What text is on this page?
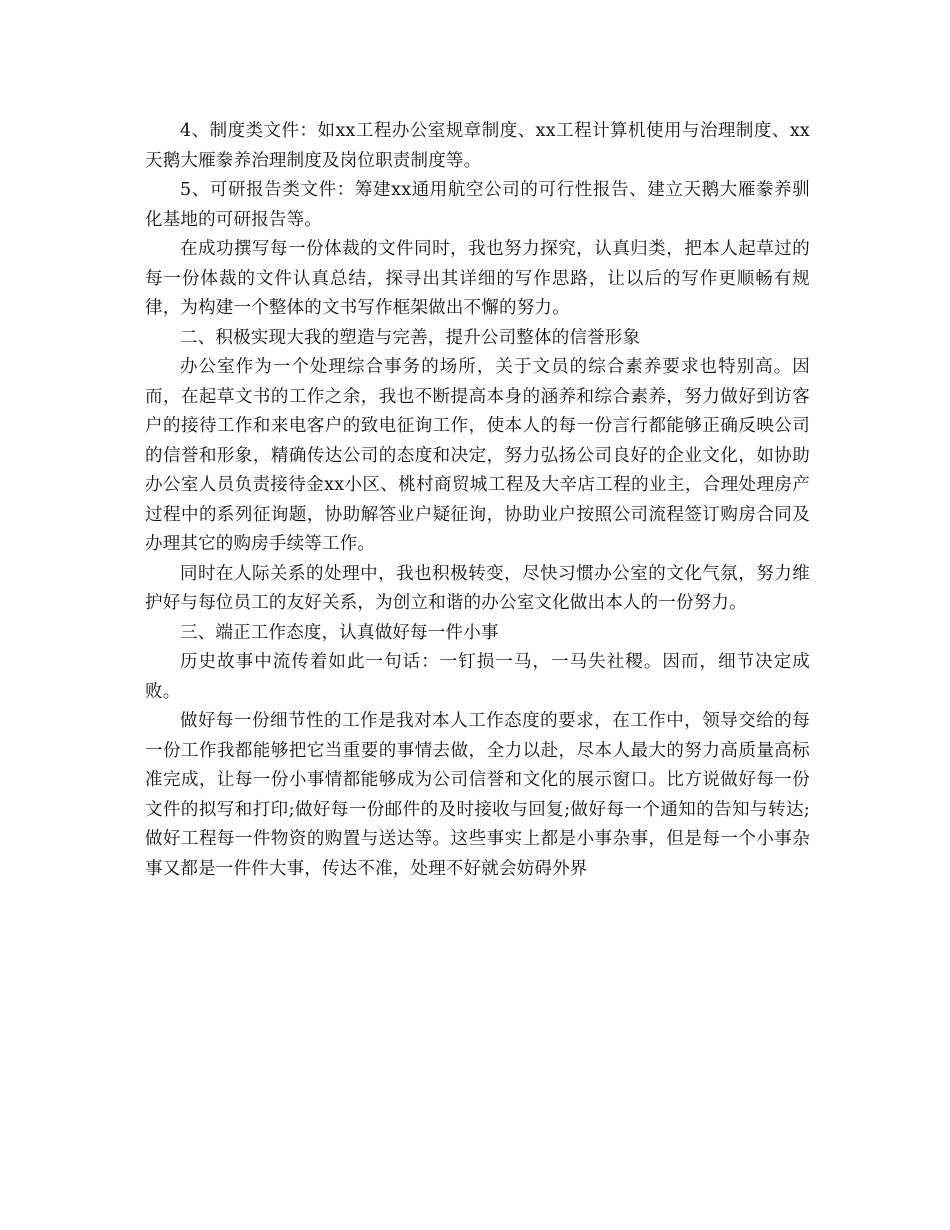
4、制度类文件：如xx工程办公室规章制度、xx工程计算机使用与治理制度、xx天鹅大雁豢养治理制度及岗位职责制度等。

5、可研报告类文件：筹建xx通用航空公司的可行性报告、建立天鹅大雁豢养驯化基地的可研报告等。

在成功撰写每一份体裁的文件同时，我也努力探究，认真归类，把本人起草过的每一份体裁的文件认真总结，探寻出其详细的写作思路，让以后的写作更顺畅有规律，为构建一个整体的文书写作框架做出不懈的努力。

二、积极实现大我的塑造与完善，提升公司整体的信誉形象

办公室作为一个处理综合事务的场所，关于文员的综合素养要求也特别高。因而，在起草文书的工作之余，我也不断提高本身的涵养和综合素养，努力做好到访客户的接待工作和来电客户的致电征询工作，使本人的每一份言行都能够正确反映公司的信誉和形象，精确传达公司的态度和决定，努力弘扬公司良好的企业文化，如协助办公室人员负责接待金xx小区、桃村商贸城工程及大辛店工程的业主，合理处理房产过程中的系列征询题，协助解答业户疑征询，协助业户按照公司流程签订购房合同及办理其它的购房手续等工作。

同时在人际关系的处理中，我也积极转变，尽快习惯办公室的文化气氛，努力维护好与每位员工的友好关系，为创立和谐的办公室文化做出本人的一份努力。

三、端正工作态度，认真做好每一件小事

历史故事中流传着如此一句话：一钉损一马，一马失社稷。因而，细节决定成败。

做好每一份细节性的工作是我对本人工作态度的要求，在工作中，领导交给的每一份工作我都能够把它当重要的事情去做，全力以赴，尽本人最大的努力高质量高标准完成，让每一份小事情都能够成为公司信誉和文化的展示窗口。比方说做好每一份文件的拟写和打印;做好每一份邮件的及时接收与回复;做好每一个通知的告知与转达;做好工程每一件物资的购置与送达等。这些事实上都是小事杂事，但是每一个小事杂事又都是一件件大事，传达不准，处理不好就会妨碍外界
